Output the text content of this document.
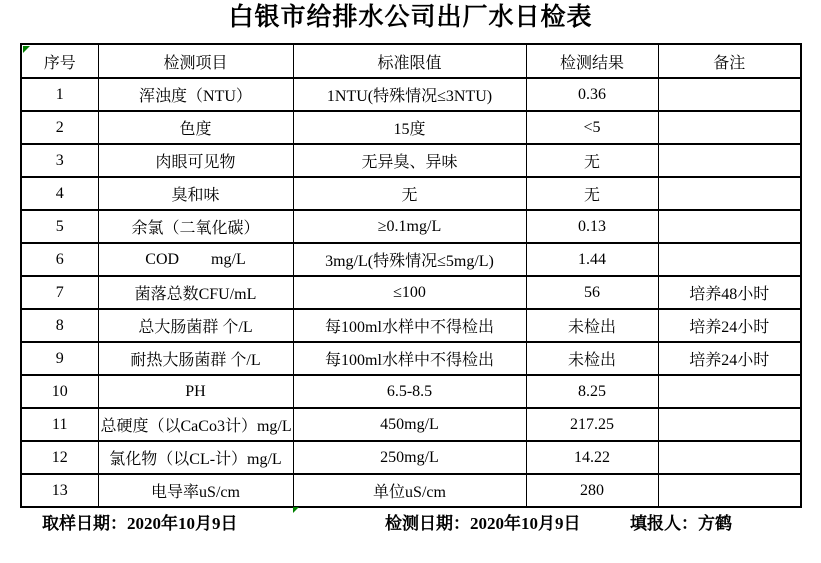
白银市给排水公司出厂水日检表
序号	检测项目	标准限值	检测结果	备注
1	浑浊度（NTU）	1NTU(特殊情况≤3NTU)	0.36	
2	色度	15度	<5	
3	肉眼可见物	无异臭、异味	无	
4	臭和味	无	无	
5	余氯（二氧化碳）	≥0.1mg/L	0.13	
6	COD        mg/L	3mg/L(特殊情况≤5mg/L)	1.44	
7	菌落总数CFU/mL	≤100	56	培养48小时
8	总大肠菌群 个/L	每100ml水样中不得检出	未检出	培养24小时
9	耐热大肠菌群 个/L	每100ml水样中不得检出	未检出	培养24小时
10	PH	6.5-8.5	8.25	
11	总硬度（以CaCo3计）mg/L	450mg/L	217.25	
12	氯化物（以CL-计）mg/L	250mg/L	14.22	
13	电导率uS/cm	单位uS/cm	280	
取样日期：2020年10月9日	检测日期：2020年10月9日	填报人：方鹤
